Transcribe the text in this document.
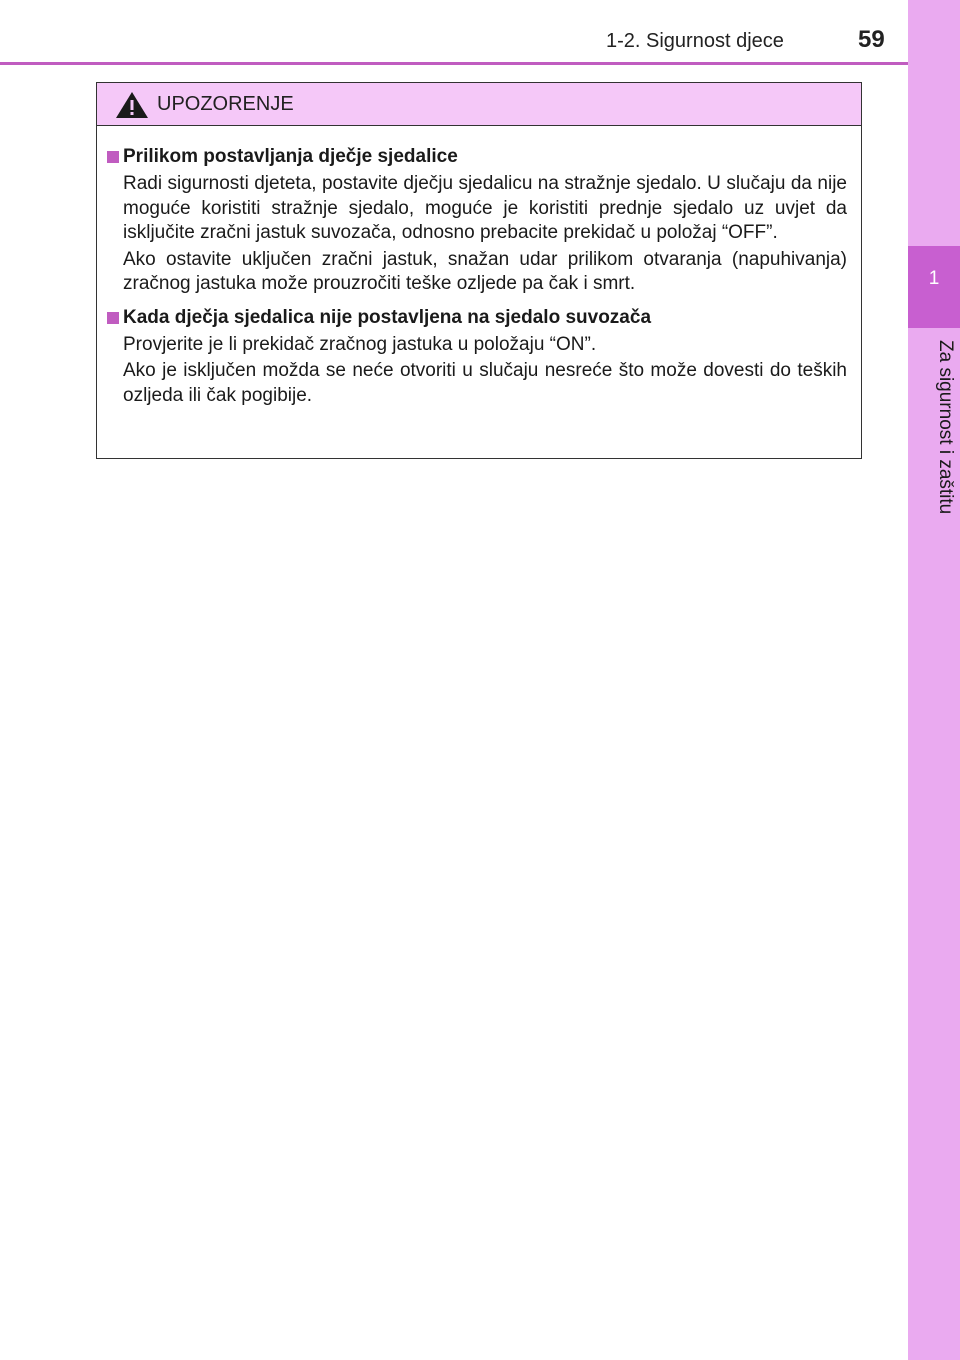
1-2. Sigurnost djece	59
1
Za sigurnost i zaštitu
UPOZORENJE
Prilikom postavljanja dječje sjedalice
Radi sigurnosti djeteta, postavite dječju sjedalicu na stražnje sjedalo. U slučaju da nije moguće koristiti stražnje sjedalo, moguće je koristiti prednje sjedalo uz uvjet da isključite zračni jastuk suvozača, odnosno prebacite prekidač u položaj “OFF”.
Ako ostavite uključen zračni jastuk, snažan udar prilikom otvaranja (napuhivanja) zračnog jastuka može prouzročiti teške ozljede pa čak i smrt.
Kada dječja sjedalica nije postavljena na sjedalo suvozača
Provjerite je li prekidač zračnog jastuka u položaju “ON”.
Ako je isključen možda se neće otvoriti u slučaju nesreće što može dovesti do teških ozljeda ili čak pogibije.
